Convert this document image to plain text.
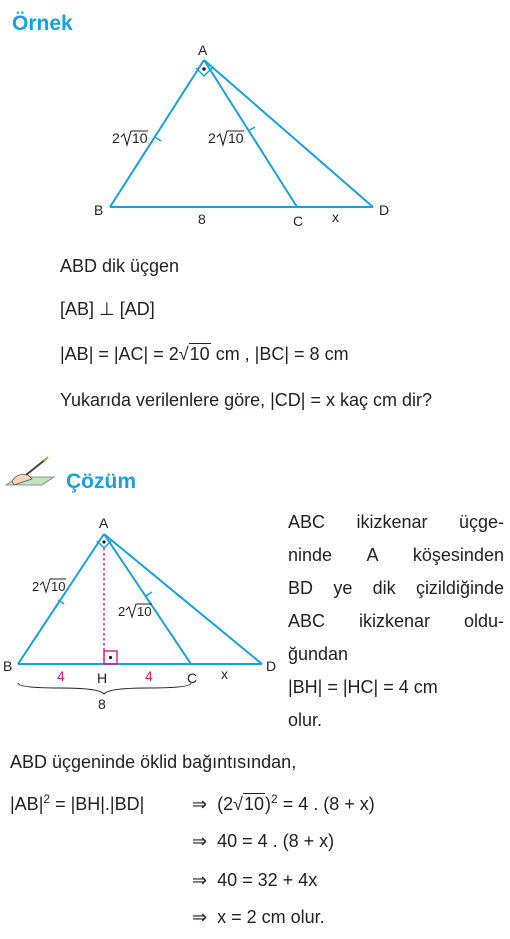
Örnek
A
B
C
D
8	x
2 10	2 10
ABD dik üçgen
[AB] ⊥ [AD]
|AB| = |AC| = 2√10 cm , |BC| = 8 cm
Yukarıda verilenlere göre, |CD| = x kaç cm dir?
Çözüm
A
B
H	C
D
8
x
4	4
2 10
2 10
ABC ikizkenar üçge-
ninde A köşesinden
BD ye dik çizildiğinde
ABC ikizkenar oldu-
ğundan
|BH| = |HC| = 4 cm
olur.
ABD üçgeninde öklid bağıntısından,
$|AB|^2 = |BH|.|BD|$	⇒ $(2√10)^2 = 4$ . (8 + x)
⇒ 40 = 4 . (8 + x)
⇒ 40 = 32 + 4x
⇒ x = 2 cm olur.
